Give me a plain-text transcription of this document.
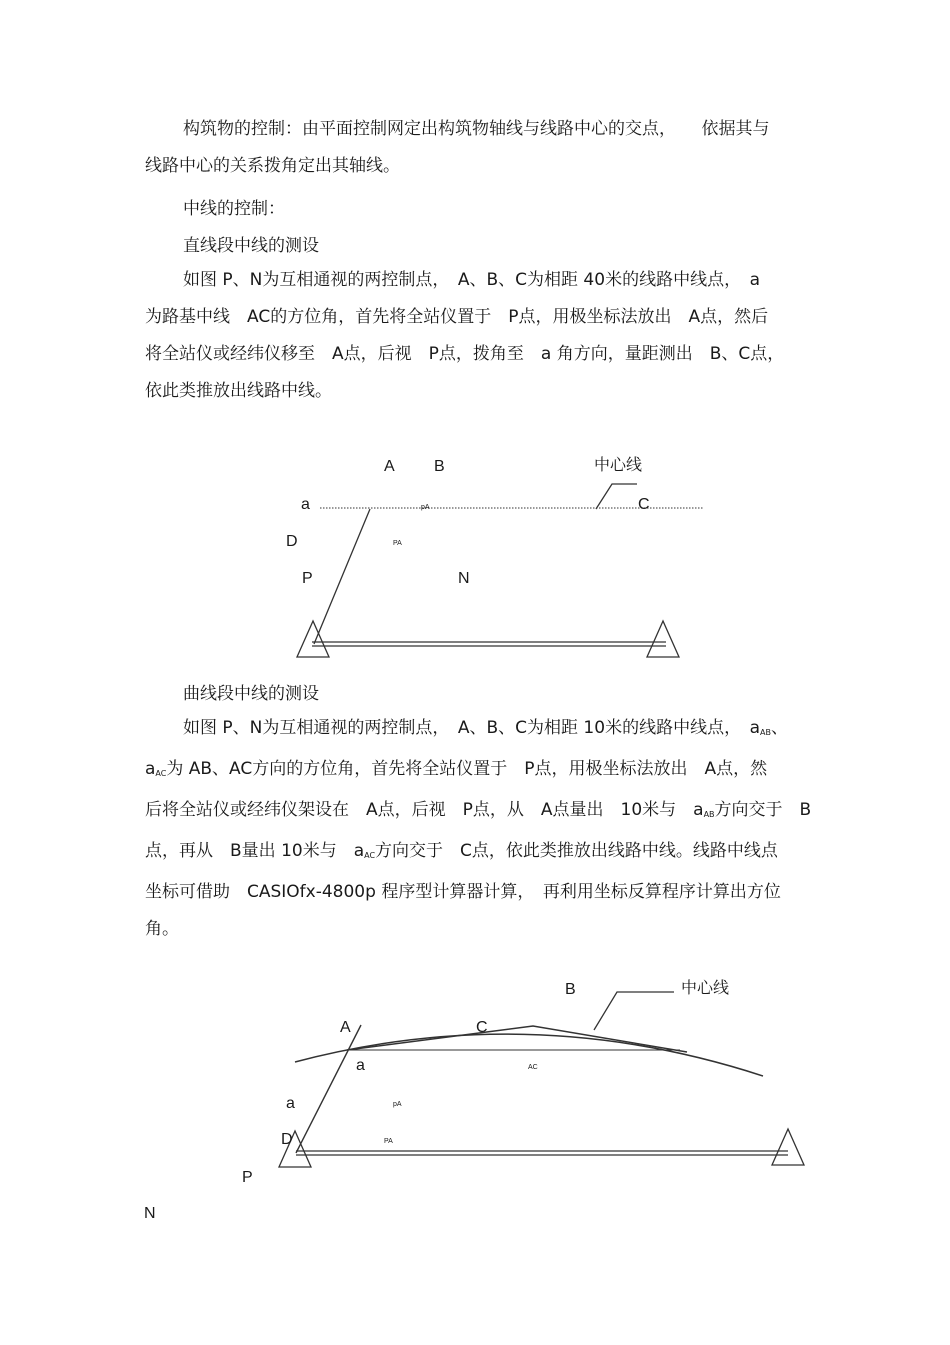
构筑物的控制：由平面控制网定出构筑物轴线与线路中心的交点，　　依据其与
线路中心的关系拨角定出其轴线。

中线的控制：

直线段中线的测设

如图 P、N为互相通视的两控制点，　A、B、C为相距 40米的线路中线点，　a
为路基中线　AC的方位角，首先将全站仪置于　P点，用极坐标法放出　A点，然后
将全站仪或经纬仪移至　A点，后视　P点，拨角至　a 角方向，量距测出　B、C点，
依此类推放出线路中线。

A B	中心线
a	pA	C
D	PA
P	N

曲线段中线的测设

如图 P、N为互相通视的两控制点，　A、B、C为相距 10米的线路中线点，　$a_{AB}$、
$a_{AC}$为 AB、AC方向的方位角，首先将全站仪置于　P点，用极坐标法放出　A点，然
后将全站仪或经纬仪架设在　A点，后视　P点，从　A点量出　10米与　$a_{AB}$方向交于　B
点，再从　B量出 10米与　$a_{AC}$方向交于　C点，依此类推放出线路中线。线路中线点
坐标可借助　CASIOfx-4800p 程序型计算器计算，　再利用坐标反算程序计算出方位
角。

B	中心线
A	C
a	AC
a	pA
D	PA
P
N
